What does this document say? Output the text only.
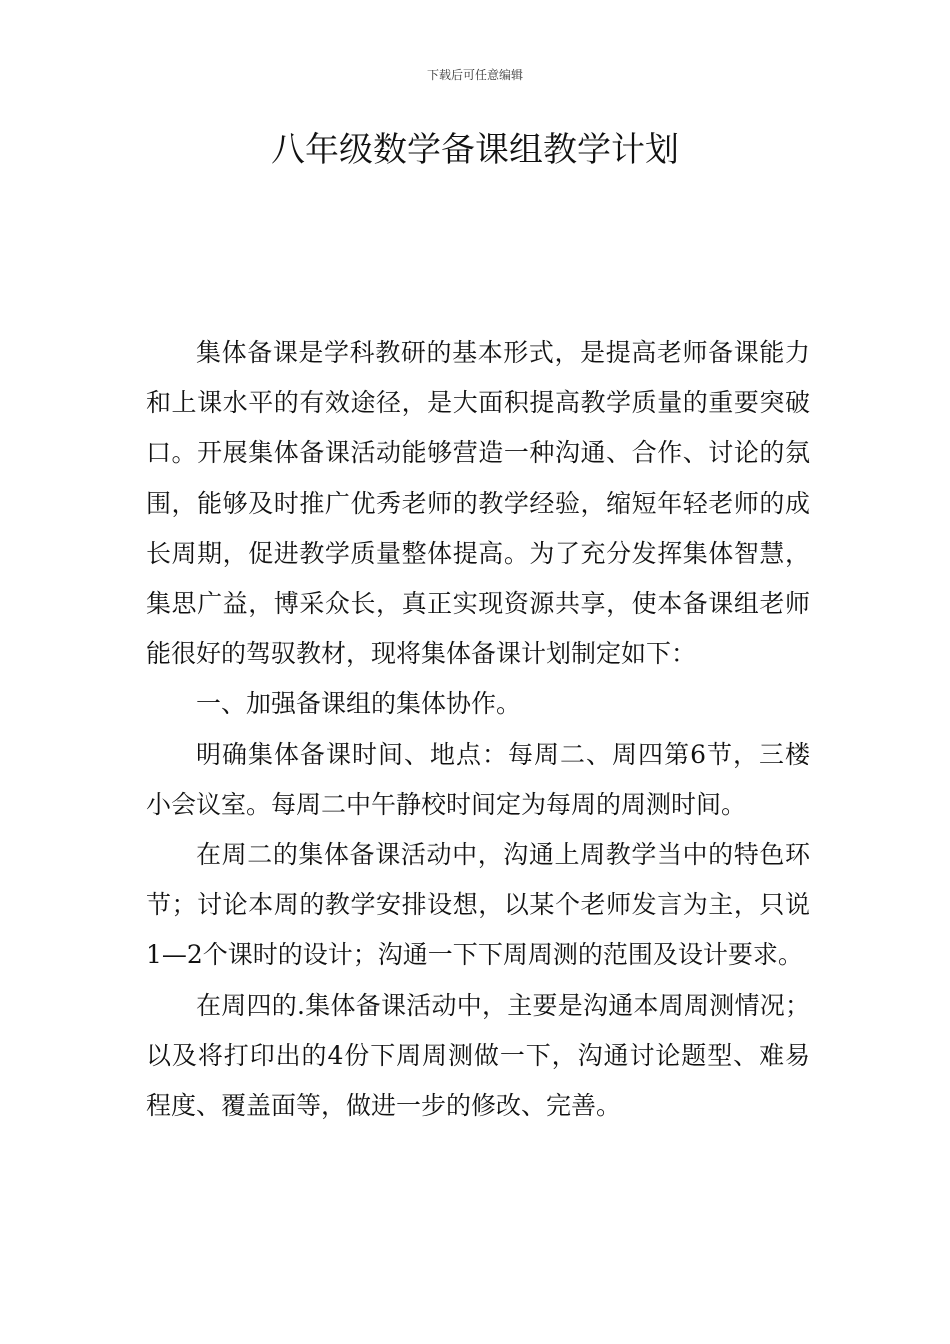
下载后可任意编辑
八年级数学备课组教学计划

集体备课是学科教研的基本形式，是提高老师备课能力和上课水平的有效途径，是大面积提高教学质量的重要突破口。开展集体备课活动能够营造一种沟通、合作、讨论的氛围，能够及时推广优秀老师的教学经验，缩短年轻老师的成长周期，促进教学质量整体提高。为了充分发挥集体智慧，集思广益，博采众长，真正实现资源共享，使本备课组老师能很好的驾驭教材，现将集体备课计划制定如下：

一、加强备课组的集体协作。

明确集体备课时间、地点：每周二、周四第6节，三楼小会议室。每周二中午静校时间定为每周的周测时间。

在周二的集体备课活动中，沟通上周教学当中的特色环节；讨论本周的教学安排设想，以某个老师发言为主，只说1—2个课时的设计；沟通一下下周周测的范围及设计要求。

在周四的.集体备课活动中，主要是沟通本周周测情况；以及将打印出的4份下周周测做一下，沟通讨论题型、难易程度、覆盖面等，做进一步的修改、完善。
